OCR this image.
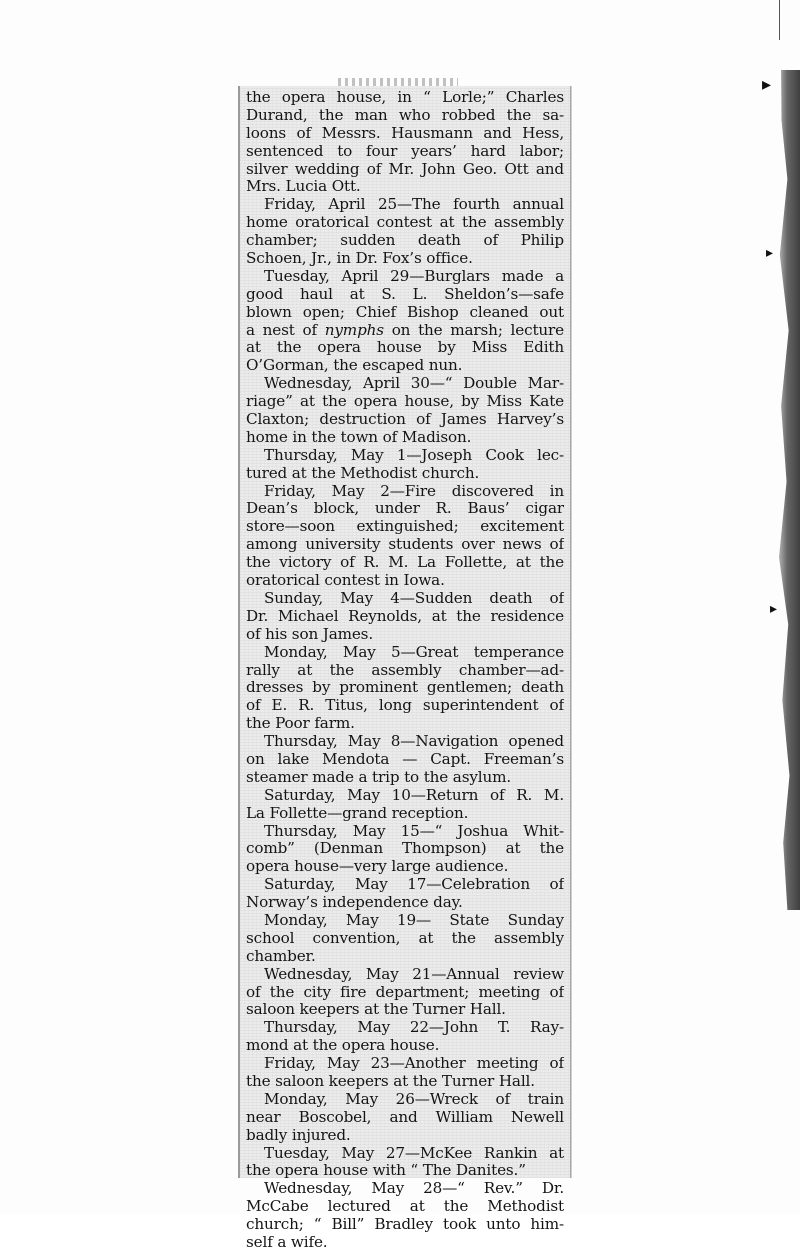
▸
▸
▸
the opera house, in “ Lorle;” Charles
Durand, the man who robbed the sa-
loons of Messrs. Hausmann and Hess,
sentenced to four years’ hard labor;
silver wedding of Mr. John Geo. Ott and
Mrs. Lucia Ott.
Friday, April 25—The fourth annual
home oratorical contest at the assembly
chamber; sudden death of Philip
Schoen, Jr., in Dr. Fox’s office.
Tuesday, April 29—Burglars made a
good haul at S. L. Sheldon’s—safe
blown open; Chief Bishop cleaned out
a nest of nymphs on the marsh; lecture
at the opera house by Miss Edith
O’Gorman, the escaped nun.
Wednesday, April 30—“ Double Mar-
riage” at the opera house, by Miss Kate
Claxton; destruction of James Harvey’s
home in the town of Madison.
Thursday, May 1—Joseph Cook lec-
tured at the Methodist church.
Friday, May 2—Fire discovered in
Dean’s block, under R. Baus’ cigar
store—soon extinguished; excitement
among university students over news of
the victory of R. M. La Follette, at the
oratorical contest in Iowa.
Sunday, May 4—Sudden death of
Dr. Michael Reynolds, at the residence
of his son James.
Monday, May 5—Great temperance
rally at the assembly chamber—ad-
dresses by prominent gentlemen; death
of E. R. Titus, long superintendent of
the Poor farm.
Thursday, May 8—Navigation opened
on lake Mendota — Capt. Freeman’s
steamer made a trip to the asylum.
Saturday, May 10—Return of R. M.
La Follette—grand reception.
Thursday, May 15—“ Joshua Whit-
comb” (Denman Thompson) at the
opera house—very large audience.
Saturday, May 17—Celebration of
Norway’s independence day.
Monday, May 19— State Sunday
school convention, at the assembly
chamber.
Wednesday, May 21—Annual review
of the city fire department; meeting of
saloon keepers at the Turner Hall.
Thursday, May 22—John T. Ray-
mond at the opera house.
Friday, May 23—Another meeting of
the saloon keepers at the Turner Hall.
Monday, May 26—Wreck of train
near Boscobel, and William Newell
badly injured.
Tuesday, May 27—McKee Rankin at
the opera house with “ The Danites.”
Wednesday, May 28—“ Rev.” Dr.
McCabe lectured at the Methodist
church; “ Bill” Bradley took unto him-
self a wife.
